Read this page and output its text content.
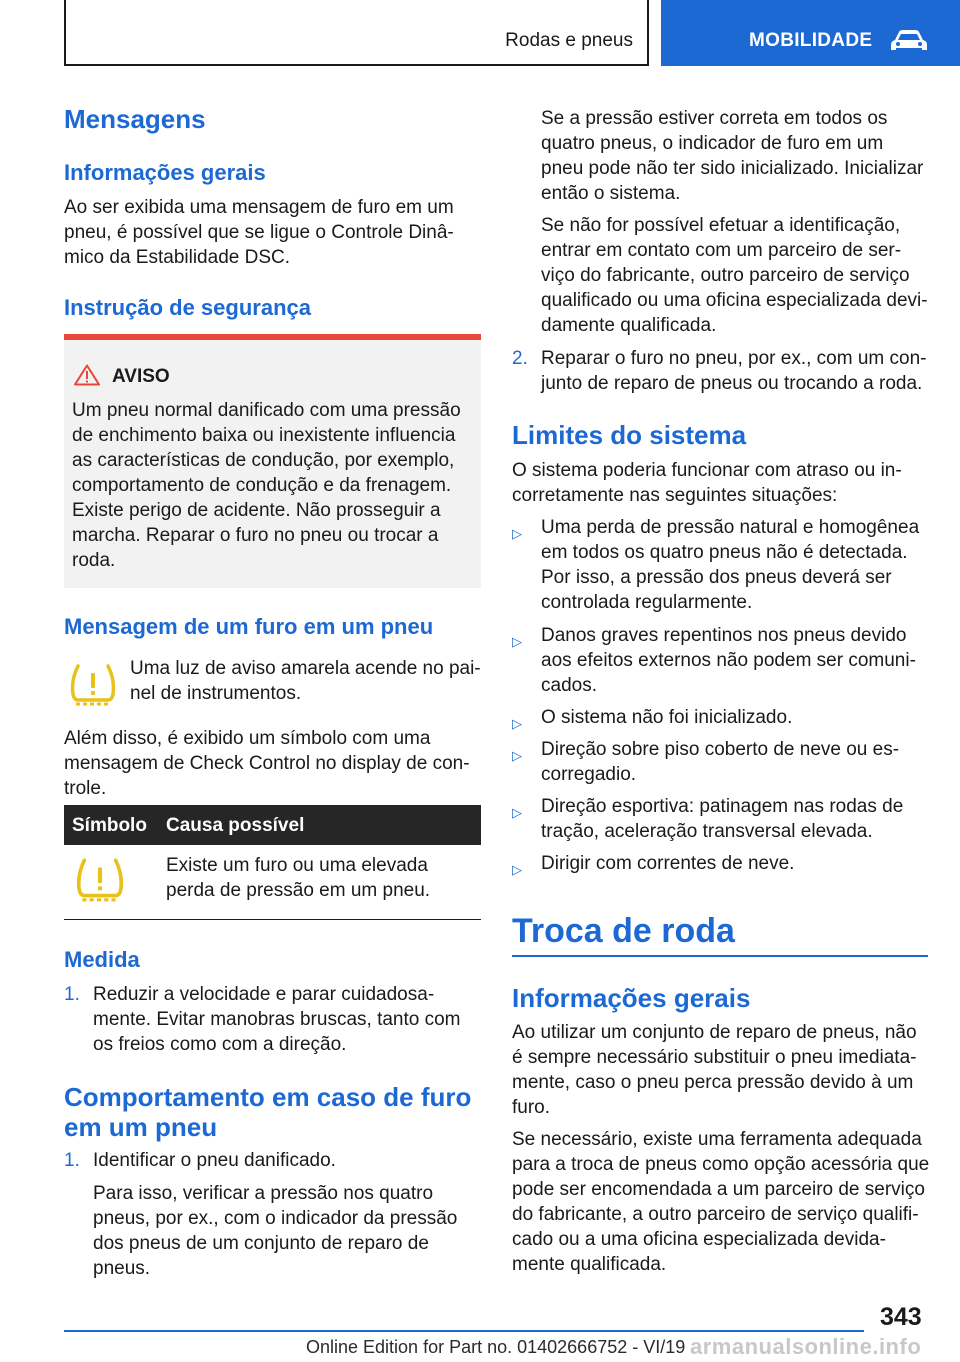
Rodas e pneus	MOBILIDADE
Mensagens
Informações gerais
Ao ser exibida uma mensagem de furo em um
pneu, é possível que se ligue o Controle Dinâ-
mico da Estabilidade DSC.
Instrução de segurança
AVISO
Um pneu normal danificado com uma pressão
de enchimento baixa ou inexistente influencia
as características de condução, por exemplo,
comportamento de condução e da frenagem.
Existe perigo de acidente. Não prosseguir a
marcha. Reparar o furo no pneu ou trocar a
roda.
Mensagem de um furo em um pneu
Uma luz de aviso amarela acende no pai-
nel de instrumentos.
Além disso, é exibido um símbolo com uma
mensagem de Check Control no display de con-
trole.
Símbolo Causa possível
Existe um furo ou uma elevada
perda de pressão em um pneu.
Medida
1. Reduzir a velocidade e parar cuidadosa-
mente. Evitar manobras bruscas, tanto com
os freios como com a direção.
Comportamento em caso de furo
em um pneu
1. Identificar o pneu danificado.
Para isso, verificar a pressão nos quatro
pneus, por ex., com o indicador da pressão
dos pneus de um conjunto de reparo de
pneus.
Se a pressão estiver correta em todos os
quatro pneus, o indicador de furo em um
pneu pode não ter sido inicializado. Inicializar
então o sistema.
Se não for possível efetuar a identificação,
entrar em contato com um parceiro de ser-
viço do fabricante, outro parceiro de serviço
qualificado ou uma oficina especializada devi-
damente qualificada.
2. Reparar o furo no pneu, por ex., com um con-
junto de reparo de pneus ou trocando a roda.
Limites do sistema
O sistema poderia funcionar com atraso ou in-
corretamente nas seguintes situações:
▷ Uma perda de pressão natural e homogênea
em todos os quatro pneus não é detectada.
Por isso, a pressão dos pneus deverá ser
controlada regularmente.
▷ Danos graves repentinos nos pneus devido
aos efeitos externos não podem ser comuni-
cados.
▷ O sistema não foi inicializado.
▷ Direção sobre piso coberto de neve ou es-
corregadio.
▷ Direção esportiva: patinagem nas rodas de
tração, aceleração transversal elevada.
▷ Dirigir com correntes de neve.
Troca de roda
Informações gerais
Ao utilizar um conjunto de reparo de pneus, não
é sempre necessário substituir o pneu imediata-
mente, caso o pneu perca pressão devido à um
furo.
Se necessário, existe uma ferramenta adequada
para a troca de pneus como opção acessória que
pode ser encomendada a um parceiro de serviço
do fabricante, a outro parceiro de serviço qualifi-
cado ou a uma oficina especializada devida-
mente qualificada.
343
Online Edition for Part no. 01402666752 - VI/19 armanualsonline.info
